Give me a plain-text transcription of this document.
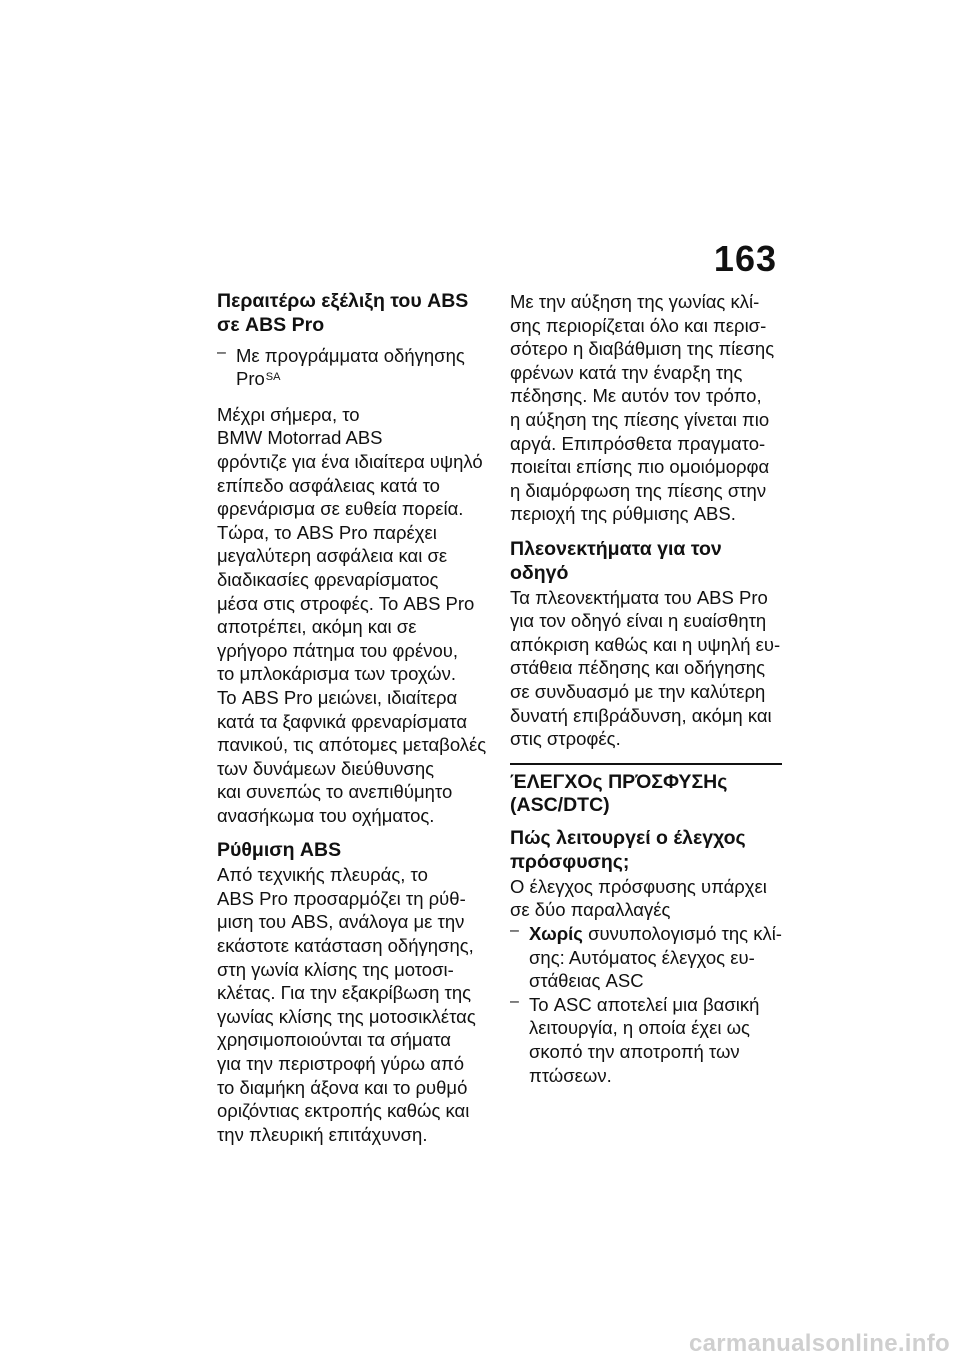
163
Περαιτέρω εξέλιξη του ABS
σε ABS Pro
– Με προγράμματα οδήγησης
Pro$^{SA}$
Μέχρι σήμερα, το
BMW Motorrad ABS
φρόντιζε για ένα ιδιαίτερα υψηλό
επίπεδο ασφάλειας κατά το
φρενάρισμα σε ευθεία πορεία.
Τώρα, το ABS Pro παρέχει
μεγαλύτερη ασφάλεια και σε
διαδικασίες φρεναρίσματος
μέσα στις στροφές. Το ABS Pro
αποτρέπει, ακόμη και σε
γρήγορο πάτημα του φρένου,
το μπλοκάρισμα των τροχών.
Το ABS Pro μειώνει, ιδιαίτερα
κατά τα ξαφνικά φρεναρίσματα
πανικού, τις απότομες μεταβολές
των δυνάμεων διεύθυνσης
και συνεπώς το ανεπιθύμητο
ανασήκωμα του οχήματος.
Ρύθμιση ABS
Από τεχνικής πλευράς, το
ABS Pro προσαρμόζει τη ρύθ-
μιση του ABS, ανάλογα με την
εκάστοτε κατάσταση οδήγησης,
στη γωνία κλίσης της μοτοσι-
κλέτας. Για την εξακρίβωση της
γωνίας κλίσης της μοτοσικλέτας
χρησιμοποιούνται τα σήματα
για την περιστροφή γύρω από
το διαμήκη άξονα και το ρυθμό
οριζόντιας εκτροπής καθώς και
την πλευρική επιτάχυνση.
Με την αύξηση της γωνίας κλί-
σης περιορίζεται όλο και περισ-
σότερο η διαβάθμιση της πίεσης
φρένων κατά την έναρξη της
πέδησης. Με αυτόν τον τρόπο,
η αύξηση της πίεσης γίνεται πιο
αργά. Επιπρόσθετα πραγματο-
ποιείται επίσης πιο ομοιόμορφα
η διαμόρφωση της πίεσης στην
περιοχή της ρύθμισης ABS.
Πλεονεκτήματα για τον
οδηγό
Τα πλεονεκτήματα του ABS Pro
για τον οδηγό είναι η ευαίσθητη
απόκριση καθώς και η υψηλή ευ-
στάθεια πέδησης και οδήγησης
σε συνδυασμό με την καλύτερη
δυνατή επιβράδυνση, ακόμη και
στις στροφές.
ΈΛΕΓΧΟς ΠΡΌΣΦΥΣΗς
(ASC/DTC)
Πώς λειτουργεί ο έλεγχος
πρόσφυσης;
Ο έλεγχος πρόσφυσης υπάρχει
σε δύο παραλλαγές
– Χωρίς συνυπολογισμό της κλί-
σης: Αυτόματος έλεγχος ευ-
στάθειας ASC
– Το ASC αποτελεί μια βασική
λειτουργία, η οποία έχει ως
σκοπό την αποτροπή των
πτώσεων.
carmanualsonline.info
